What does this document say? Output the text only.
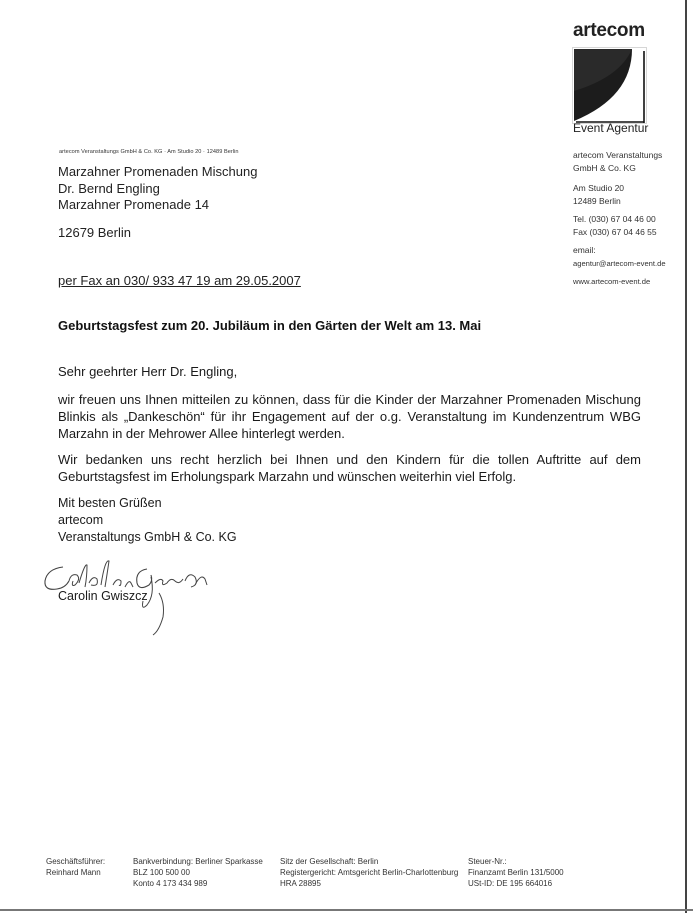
artecom
Event Agentur
artecom Veranstaltungs GmbH & Co. KG · Am Studio 20 · 12489 Berlin
Marzahner Promenaden Mischung
Dr. Bernd Engling
Marzahner Promenade 14
12679 Berlin
per Fax an 030/ 933 47 19 am 29.05.2007
artecom Veranstaltungs
GmbH & Co. KG
Am Studio 20
12489 Berlin
Tel. (030) 67 04 46 00
Fax (030) 67 04 46 55
email:
agentur@artecom-event.de
www.artecom-event.de
Geburtstagsfest zum 20. Jubiläum in den Gärten der Welt am 13. Mai
Sehr geehrter Herr Dr. Engling,
wir freuen uns Ihnen mitteilen zu können, dass für die Kinder der Marzahner Promenaden Mischung Blinkis als „Dankeschön“ für ihr Engagement auf der o.g. Veranstaltung im Kundenzentrum WBG Marzahn in der Mehrower Allee hinterlegt werden.
Wir bedanken uns recht herzlich bei Ihnen und den Kindern für die tollen Auftritte auf dem Geburtstagsfest im Erholungspark Marzahn und wünschen weiterhin viel Erfolg.
Mit besten Grüßen
artecom
Veranstaltungs GmbH & Co. KG
Carolin Gwiszcz
Geschäftsführer:
Reinhard Mann
Bankverbindung: Berliner Sparkasse
BLZ 100 500 00
Konto 4 173 434 989
Sitz der Gesellschaft: Berlin
Registergericht: Amtsgericht Berlin-Charlottenburg
HRA 28895
Steuer-Nr.:
Finanzamt Berlin 131/5000
USt-ID: DE 195 664016
